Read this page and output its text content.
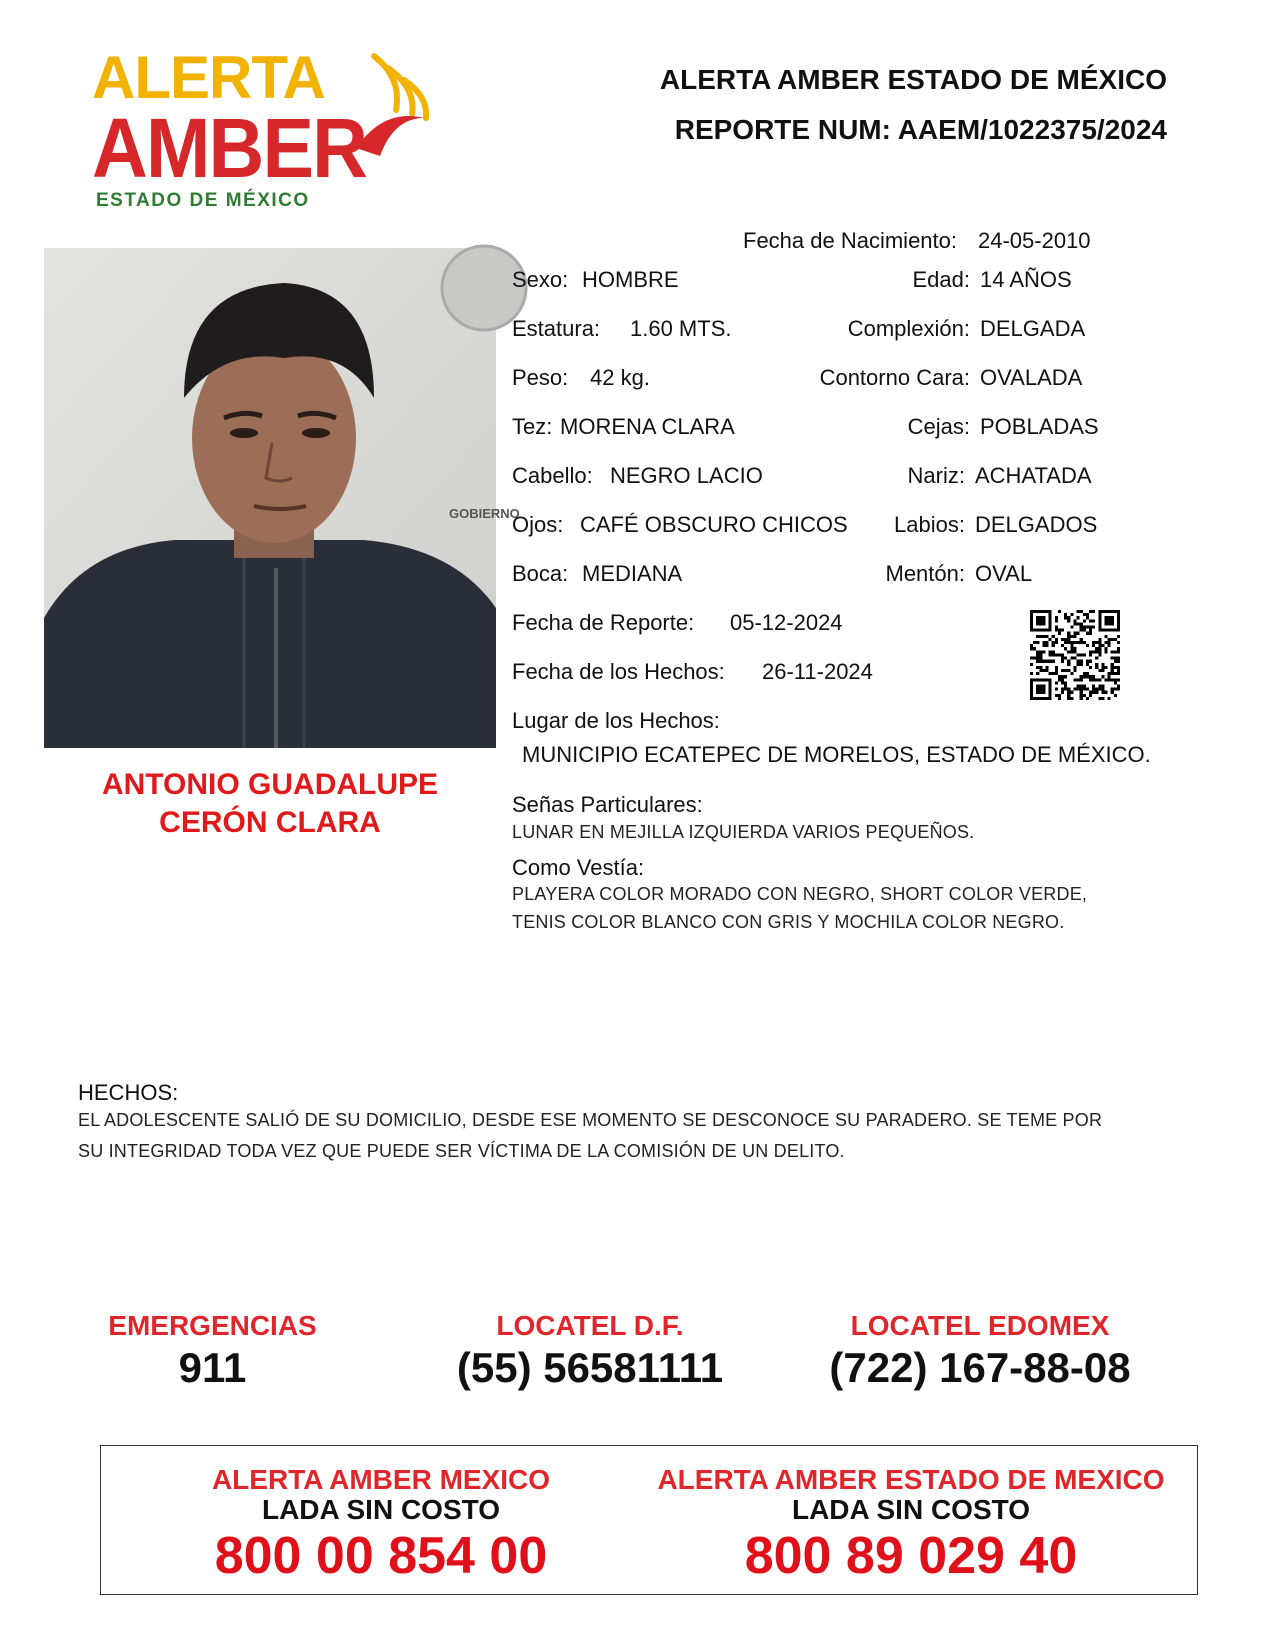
ALERTA
AMBER
ESTADO DE MÉXICO
ALERTA AMBER ESTADO DE MÉXICO
REPORTE NUM: AAEM/1022375/2024
GOBIERNO
ANTONIO GUADALUPE
CERÓN CLARA
Fecha de Nacimiento: 24-05-2010
Sexo: HOMBRE	Edad: 14 AÑOS
Estatura: 1.60 MTS.	Complexión: DELGADA
Peso: 42 kg.	Contorno Cara: OVALADA
Tez: MORENA CLARA	Cejas: POBLADAS
Cabello: NEGRO LACIO	Nariz: ACHATADA
Ojos: CAFÉ OBSCURO CHICOS Labios: DELGADOS
Boca: MEDIANA	Mentón: OVAL
Fecha de Reporte: 05-12-2024
Fecha de los Hechos: 26-11-2024
Lugar de los Hechos:
MUNICIPIO ECATEPEC DE MORELOS, ESTADO DE MÉXICO.
Señas Particulares:
LUNAR EN MEJILLA IZQUIERDA VARIOS PEQUEÑOS.
Como Vestía:
PLAYERA COLOR MORADO CON NEGRO, SHORT COLOR VERDE,
TENIS COLOR BLANCO CON GRIS Y MOCHILA COLOR NEGRO.
HECHOS:
EL ADOLESCENTE SALIÓ DE SU DOMICILIO, DESDE ESE MOMENTO SE DESCONOCE SU PARADERO. SE TEME POR
SU INTEGRIDAD TODA VEZ QUE PUEDE SER VÍCTIMA DE LA COMISIÓN DE UN DELITO.
EMERGENCIAS
911
LOCATEL D.F.
(55) 56581111
LOCATEL EDOMEX
(722) 167-88-08
ALERTA AMBER MEXICO
LADA SIN COSTO
800 00 854 00
ALERTA AMBER ESTADO DE MEXICO
LADA SIN COSTO
800 89 029 40
